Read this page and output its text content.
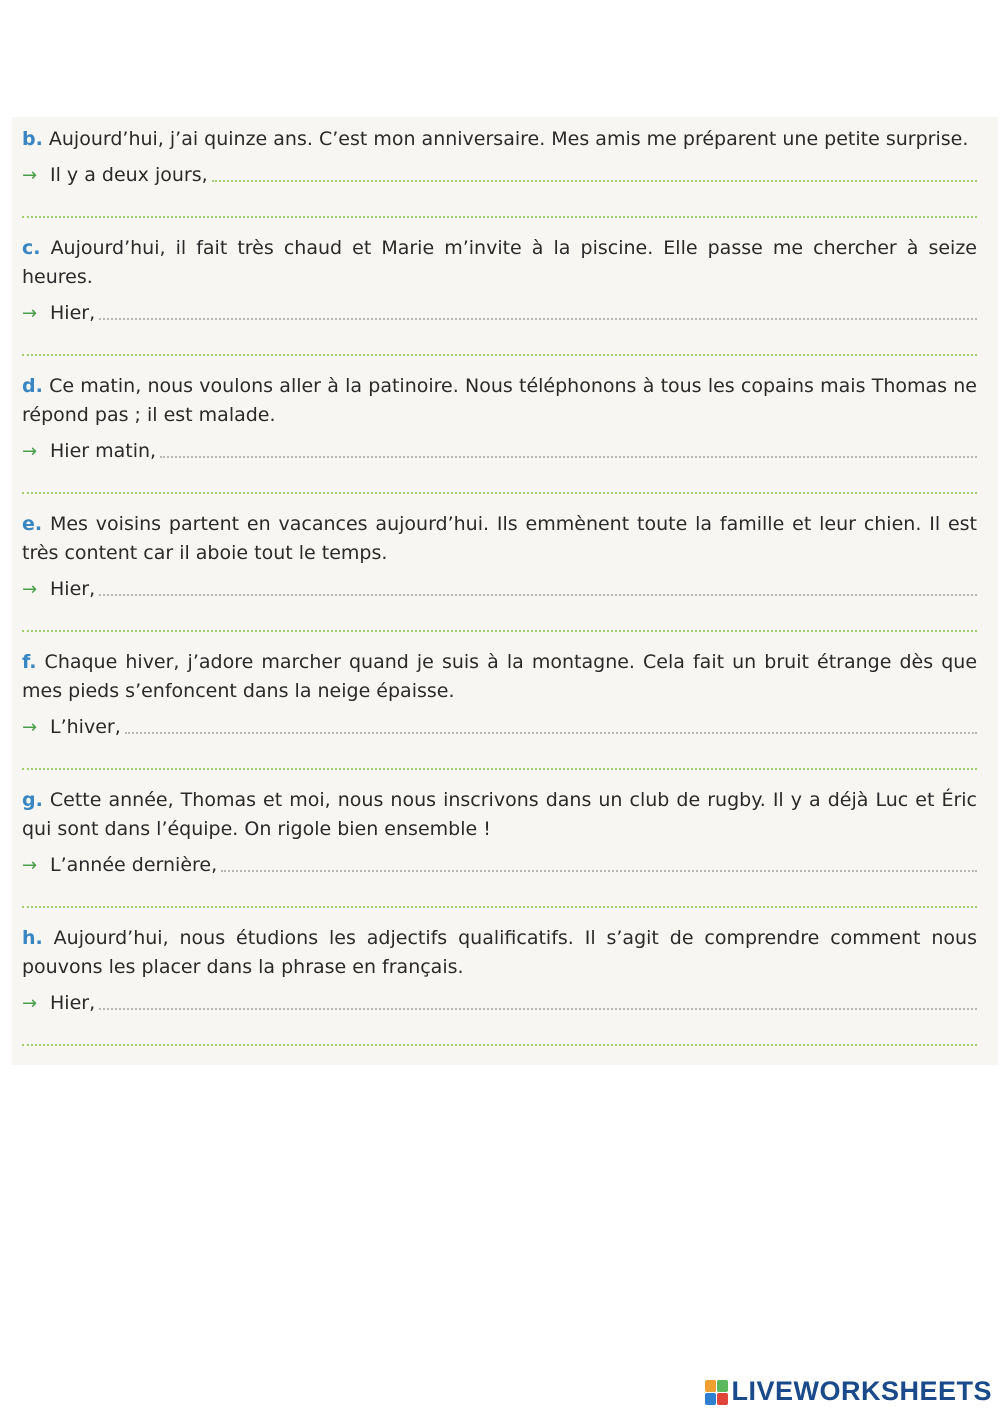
b. Aujourd’hui, j’ai quinze ans. C’est mon anniversaire. Mes amis me préparent une petite surprise.

→ Il y a deux jours,

c. Aujourd’hui, il fait très chaud et Marie m’invite à la piscine. Elle passe me chercher à seize heures.

→ Hier,

d. Ce matin, nous voulons aller à la patinoire. Nous téléphonons à tous les copains mais Thomas ne répond pas ; il est malade.

→ Hier matin,

e. Mes voisins partent en vacances aujourd’hui. Ils emmènent toute la famille et leur chien. Il est très content car il aboie tout le temps.

→ Hier,

f. Chaque hiver, j’adore marcher quand je suis à la montagne. Cela fait un bruit étrange dès que mes pieds s’enfoncent dans la neige épaisse.

→ L’hiver,

g. Cette année, Thomas et moi, nous nous inscrivons dans un club de rugby. Il y a déjà Luc et Éric qui sont dans l’équipe. On rigole bien ensemble !

→ L’année dernière,

h. Aujourd’hui, nous étudions les adjectifs qualificatifs. Il s’agit de comprendre comment nous pouvons les placer dans la phrase en français.

→ Hier,
LIVEWORKSHEETS
